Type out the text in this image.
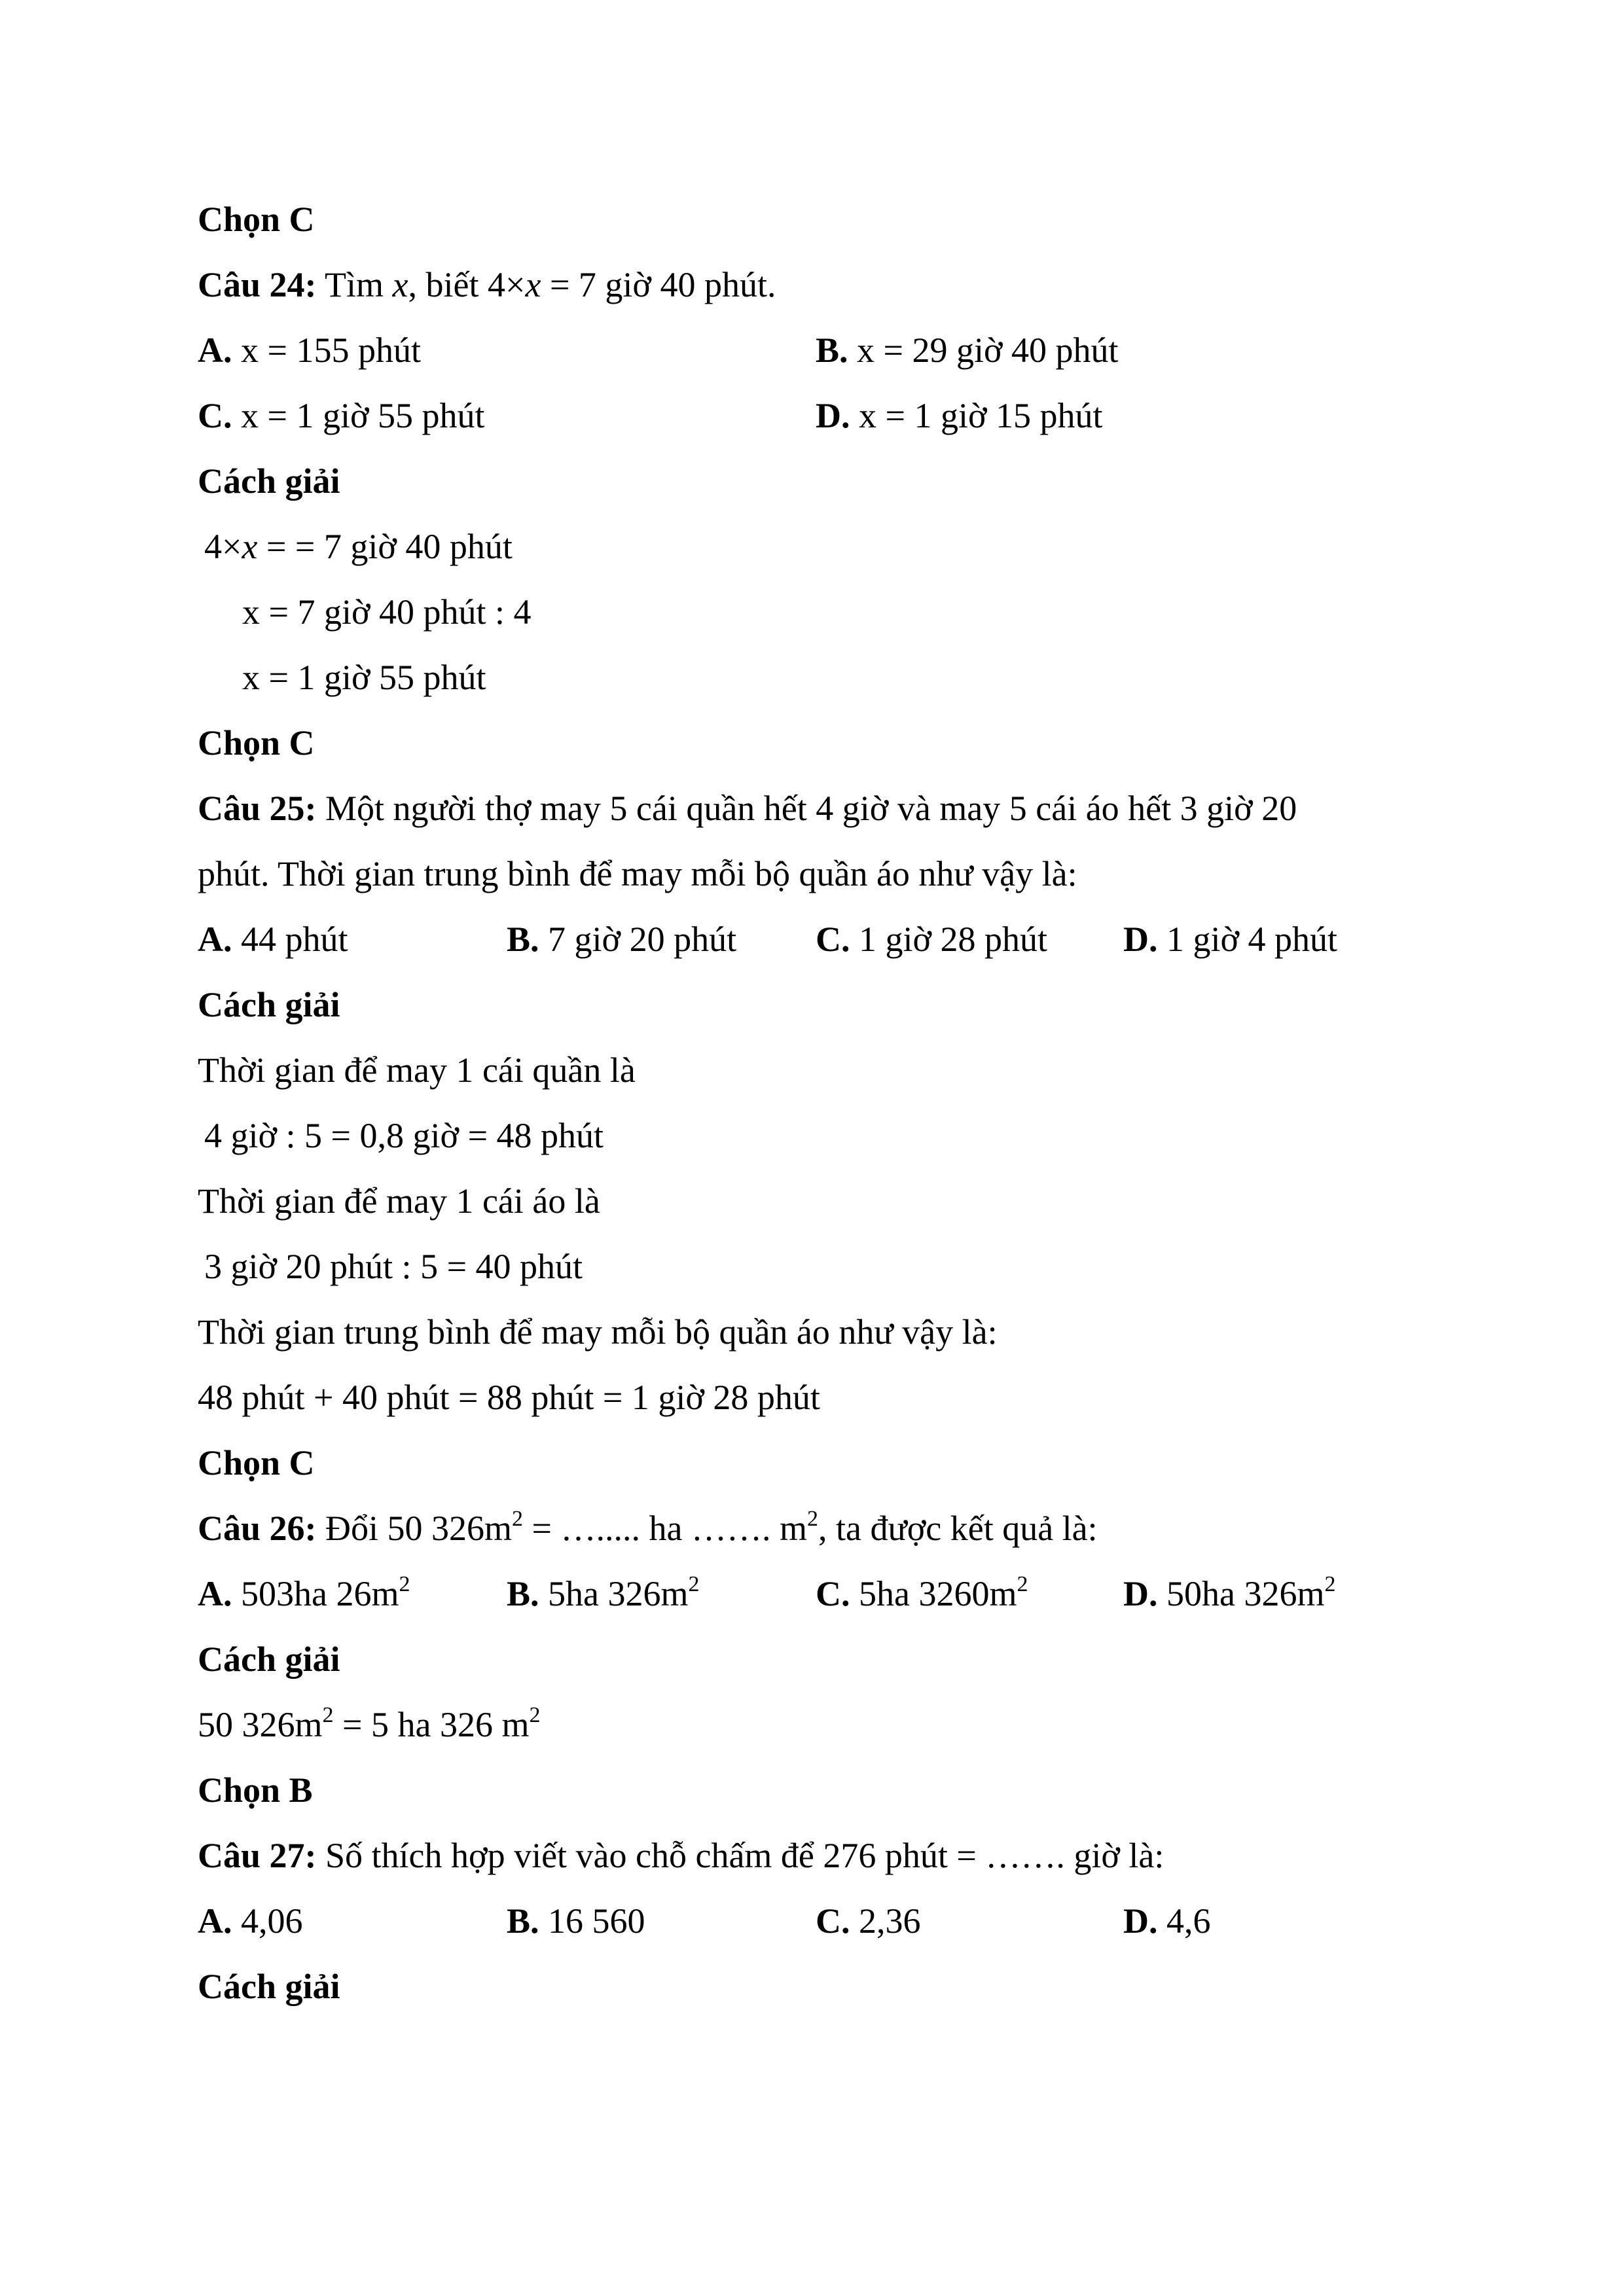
Chọn C
Câu 24: Tìm x, biết 4×x = 7 giờ 40 phút.
A. x = 155 phút	B. x = 29 giờ 40 phút
C. x = 1 giờ 55 phút	D. x = 1 giờ 15 phút
Cách giải
4×x = = 7 giờ 40 phút
x = 7 giờ 40 phút : 4
x = 1 giờ 55 phút
Chọn C
Câu 25: Một người thợ may 5 cái quần hết 4 giờ và may 5 cái áo hết 3 giờ 20
phút. Thời gian trung bình để may mỗi bộ quần áo như vậy là:
A. 44 phút	B. 7 giờ 20 phút C. 1 giờ 28 phút D. 1 giờ 4 phút
Cách giải
Thời gian để may 1 cái quần là
4 giờ : 5 = 0,8 giờ = 48 phút
Thời gian để may 1 cái áo là
3 giờ 20 phút : 5 = 40 phút
Thời gian trung bình để may mỗi bộ quần áo như vậy là:
48 phút + 40 phút = 88 phút = 1 giờ 28 phút
Chọn C
Câu 26: Đổi 50 $326m^2$ = …..... ha ……. $m^2$, ta được kết quả là:
A. 503ha $26m^2$	B. 5ha $326m^2$	C. 5ha $3260m^2$	D. 50ha $326m^2$
Cách giải
50 $326m^2 = 5$ ha 326 $m^2$
Chọn B
Câu 27: Số thích hợp viết vào chỗ chấm để 276 phút = ……. giờ là:
A. 4,06	B. 16 560	C. 2,36	D. 4,6
Cách giải
